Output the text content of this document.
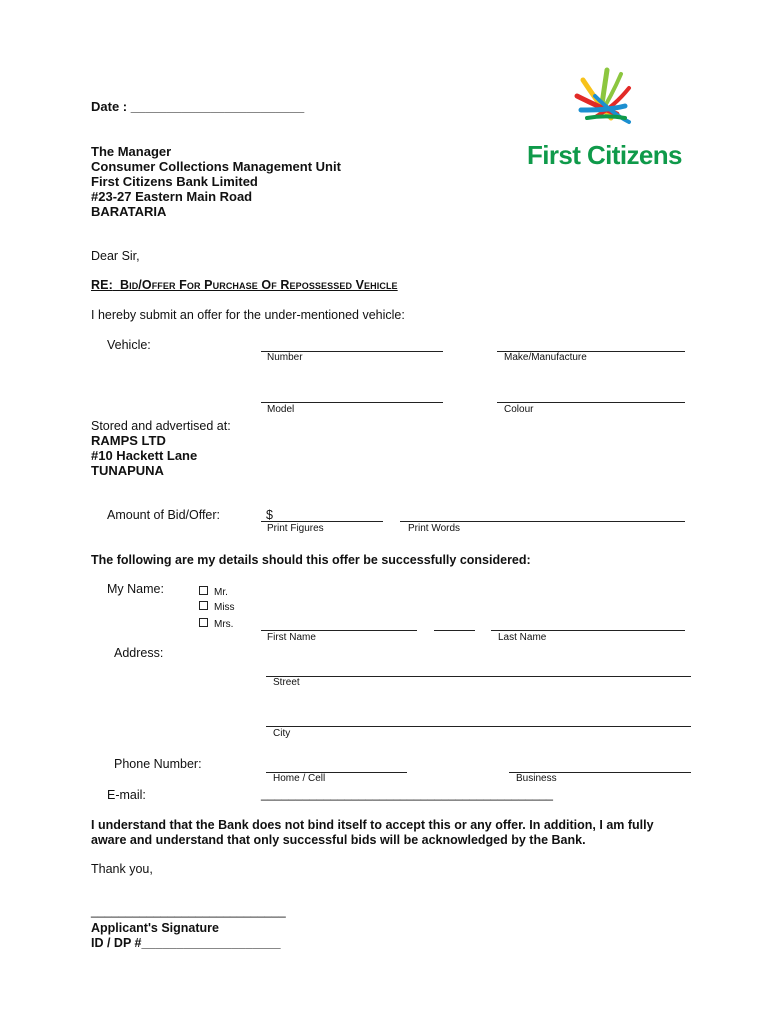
Date : ________________________
First Citizens
The Manager
Consumer Collections Management Unit
First Citizens Bank Limited
#23-27 Eastern Main Road
BARATARIA
Dear Sir,
RE: Bid/Offer For Purchase Of Repossessed Vehicle
I hereby submit an offer for the under-mentioned vehicle:
Vehicle:
Number	Make/Manufacture
Model	Colour
Stored and advertised at:
RAMPS LTD
#10 Hackett Lane
TUNAPUNA
Amount of Bid/Offer:	$
Print Figures	Print Words
The following are my details should this offer be successfully considered:
My Name:	Mr.
Miss
Mrs.
First Name	Last Name
Address:
Street
City
Phone Number:
Home / Cell	Business
E-mail:	__________________________________________
I understand that the Bank does not bind itself to accept this or any offer. In addition, I am fully
aware and understand that only successful bids will be acknowledged by the Bank.
Thank you,
____________________________
Applicant's Signature
ID / DP #____________________
